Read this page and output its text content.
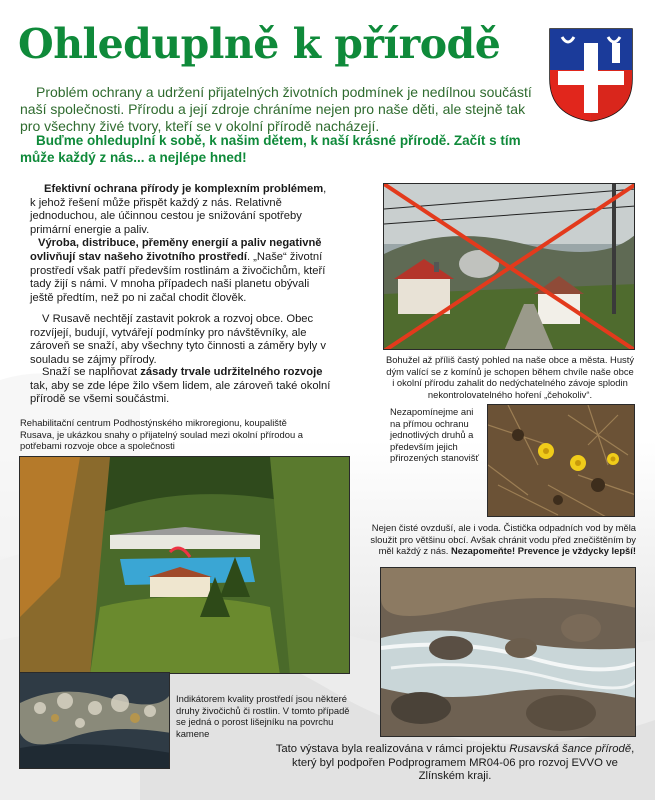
Ohleduplně k přírodě

Problém ochrany a udržení přijatelných životních podmínek je nedílnou součástí naší společnosti. Přírodu a její zdroje chráníme nejen pro naše děti, ale stejně tak pro všechny živé tvory, kteří se v okolní přírodě nacházejí.

Buďme ohleduplní k sobě, k našim dětem, k naší krásné přírodě. Začít s tím může každý z nás... a nejlépe hned!

Efektivní ochrana přírody je komplexním problémem, k jehož řešení může přispět každý z nás. Relativně jednoduchou, ale účinnou cestou je snižování spotřeby primární energie a paliv.
Výroba, distribuce, přeměny energií a paliv negativně ovlivňují stav našeho životního prostředí. „Naše“ životní prostředí však patří především rostlinám a živočichům, kteří tady žijí s námi. V mnoha případech naši planetu obývali ještě předtím, než po ni začal chodit člověk.
V Rusavě nechtějí zastavit pokrok a rozvoj obce. Obec rozvíjejí, budují, vytvářejí podmínky pro návštěvníky, ale zároveň se snaží, aby všechny tyto činnosti a záměry byly v souladu se zájmy přírody.
Snaží se naplňovat zásady trvale udržitelného rozvoje tak, aby se zde lépe žilo všem lidem, ale zároveň také okolní přírodě se všemi součástmi.

Rehabilitační centrum Podhostýnského mikroregionu, koupaliště Rusava, je ukázkou snahy o přijatelný soulad mezi okolní přírodou a potřebami rozvoje obce a společnosti

Bohužel až příliš častý pohled na naše obce a města. Hustý dým valící se z komínů je schopen během chvíle naše obce i okolní přírodu zahalit do nedýchatelného závoje splodin nekontrolovatelného hoření „čehokoliv“.

Nezapomínejme ani na přímou ochranu jednotlivých druhů a především jejich přirozených stanovišť

Nejen čisté ovzduší, ale i voda. Čistička odpadních vod by měla sloužit pro většinu obcí. Avšak chránit vodu před znečištěním by měl každý z nás. Nezapomeňte! Prevence je vždycky lepší!

Indikátorem kvality prostředí jsou některé druhy živočichů či rostlin. V tomto případě se jedná o porost lišejníku na povrchu kamene

Tato výstava byla realizována v rámci projektu Rusavská šance přírodě, který byl podpořen Podprogramem MR04-06 pro rozvoj EVVO ve Zlínském kraji.
